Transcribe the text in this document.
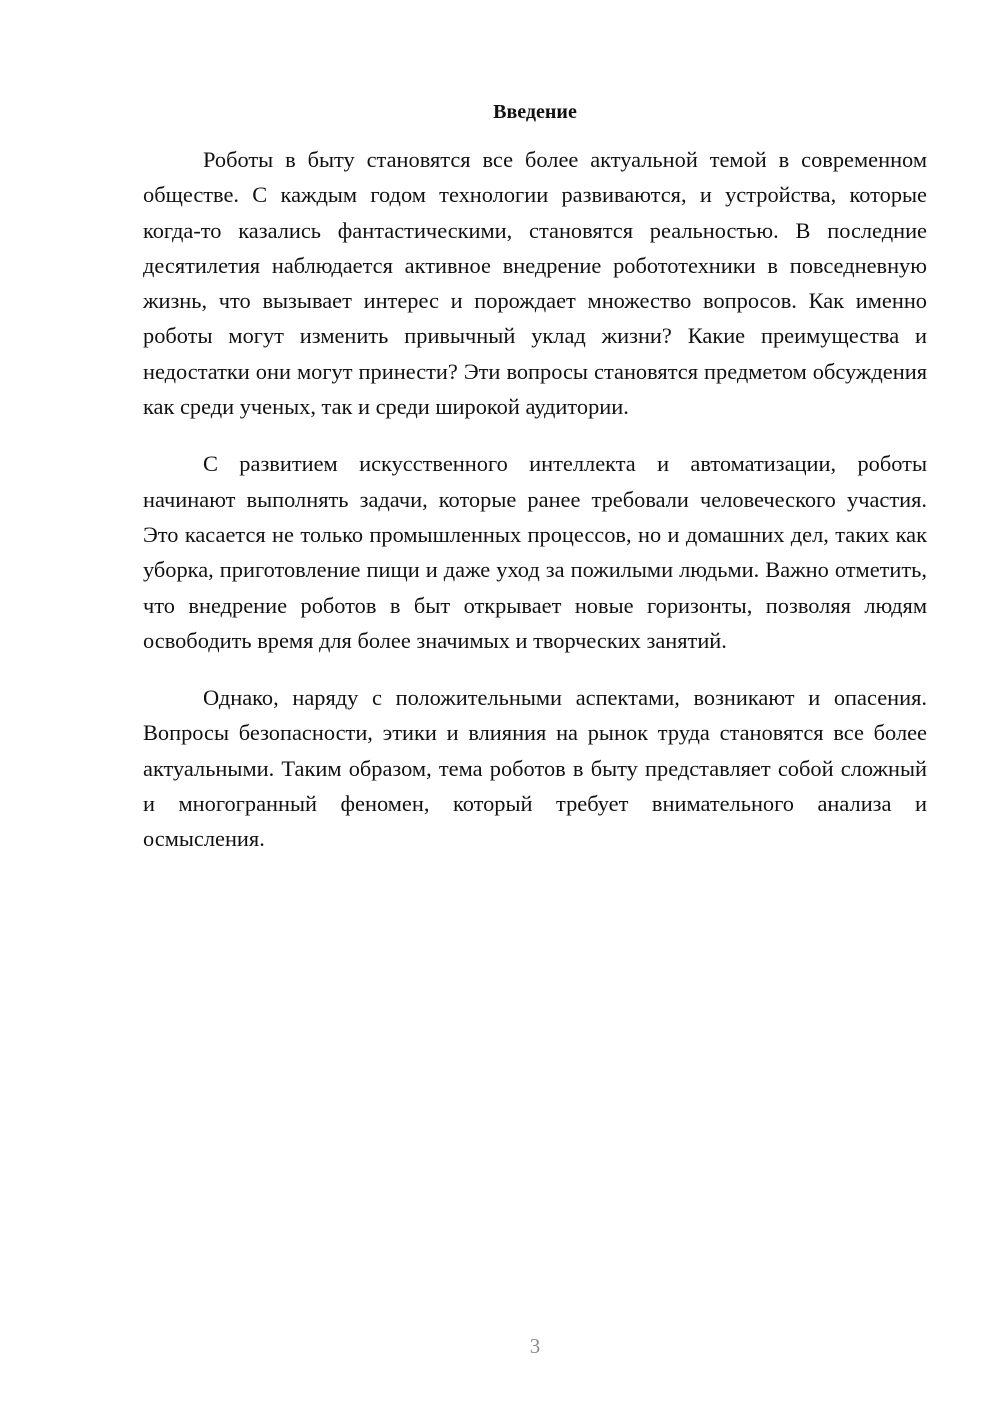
Введение

Роботы в быту становятся все более актуальной темой в современном обществе. С каждым годом технологии развиваются, и устройства, которые когда-то казались фантастическими, становятся реальностью. В последние десятилетия наблюдается активное внедрение робототехники в повседневную жизнь, что вызывает интерес и порождает множество вопросов. Как именно роботы могут изменить привычный уклад жизни? Какие преимущества и недостатки они могут принести? Эти вопросы становятся предметом обсуждения как среди ученых, так и среди широкой аудитории.

С развитием искусственного интеллекта и автоматизации, роботы начинают выполнять задачи, которые ранее требовали человеческого участия. Это касается не только промышленных процессов, но и домашних дел, таких как уборка, приготовление пищи и даже уход за пожилыми людьми. Важно отметить, что внедрение роботов в быт открывает новые горизонты, позволяя людям освободить время для более значимых и творческих занятий.

Однако, наряду с положительными аспектами, возникают и опасения. Вопросы безопасности, этики и влияния на рынок труда становятся все более актуальными. Таким образом, тема роботов в быту представляет собой сложный и многогранный феномен, который требует внимательного анализа и осмысления.

3
